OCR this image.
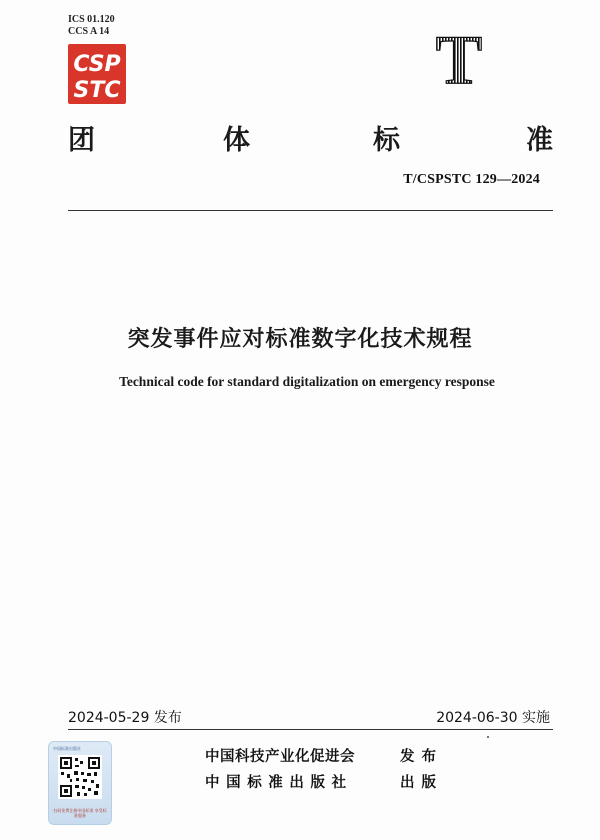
ICS 01.120
CCS A 14
CSP
STC	T
团	体	标	准
T/CSPSTC 129—2024
突发事件应对标准数字化技术规程
Technical code for standard digitalization on emergency response
2024-05-29 发布	2024-06-30 实施
中国标准出版社
扫码免费注册中国标准 享受标准服务
中国科技产业化促进会	发布
中国标准出版社	出版
